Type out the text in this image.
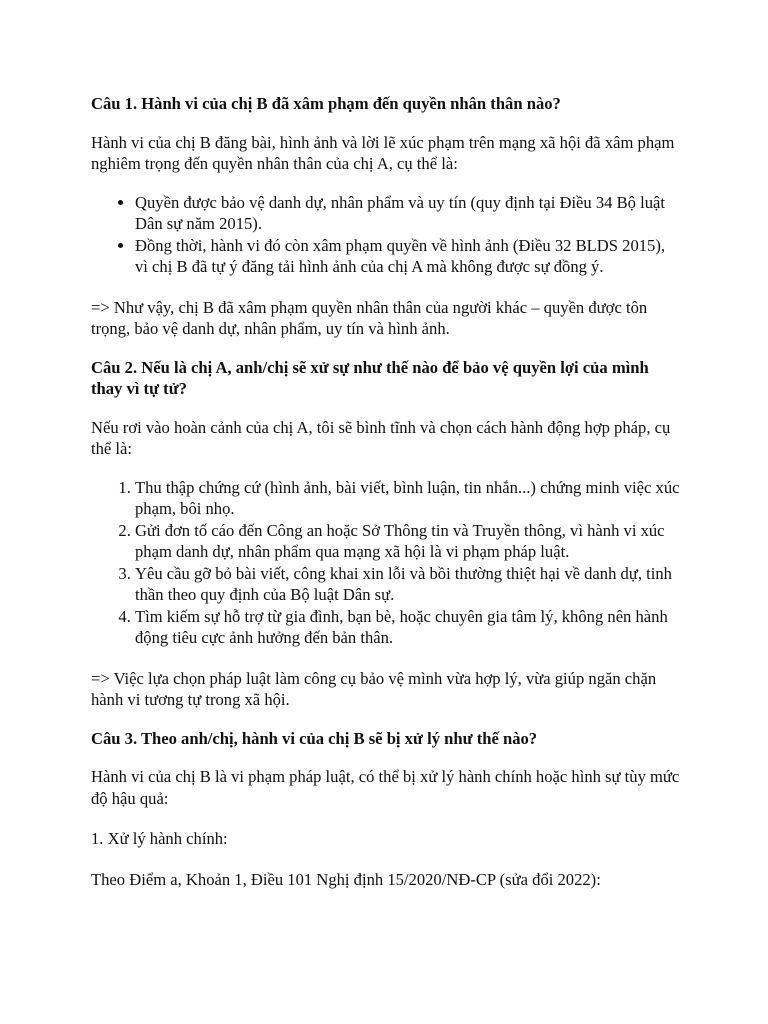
Câu 1. Hành vi của chị B đã xâm phạm đến quyền nhân thân nào?

Hành vi của chị B đăng bài, hình ảnh và lời lẽ xúc phạm trên mạng xã hội đã xâm phạm nghiêm trọng đến quyền nhân thân của chị A, cụ thể là:

• Quyền được bảo vệ danh dự, nhân phẩm và uy tín (quy định tại Điều 34 Bộ luật Dân sự năm 2015).
• Đồng thời, hành vi đó còn xâm phạm quyền về hình ảnh (Điều 32 BLDS 2015), vì chị B đã tự ý đăng tải hình ảnh của chị A mà không được sự đồng ý.

=> Như vậy, chị B đã xâm phạm quyền nhân thân của người khác – quyền được tôn trọng, bảo vệ danh dự, nhân phẩm, uy tín và hình ảnh.

Câu 2. Nếu là chị A, anh/chị sẽ xử sự như thế nào để bảo vệ quyền lợi của mình thay vì tự tử?

Nếu rơi vào hoàn cảnh của chị A, tôi sẽ bình tĩnh và chọn cách hành động hợp pháp, cụ thể là:

1. Thu thập chứng cứ (hình ảnh, bài viết, bình luận, tin nhắn...) chứng minh việc xúc phạm, bôi nhọ.
2. Gửi đơn tố cáo đến Công an hoặc Sở Thông tin và Truyền thông, vì hành vi xúc phạm danh dự, nhân phẩm qua mạng xã hội là vi phạm pháp luật.
3. Yêu cầu gỡ bỏ bài viết, công khai xin lỗi và bồi thường thiệt hại về danh dự, tinh thần theo quy định của Bộ luật Dân sự.
4. Tìm kiếm sự hỗ trợ từ gia đình, bạn bè, hoặc chuyên gia tâm lý, không nên hành động tiêu cực ảnh hưởng đến bản thân.

=> Việc lựa chọn pháp luật làm công cụ bảo vệ mình vừa hợp lý, vừa giúp ngăn chặn hành vi tương tự trong xã hội.

Câu 3. Theo anh/chị, hành vi của chị B sẽ bị xử lý như thế nào?

Hành vi của chị B là vi phạm pháp luật, có thể bị xử lý hành chính hoặc hình sự tùy mức độ hậu quả:

1. Xử lý hành chính:

Theo Điểm a, Khoản 1, Điều 101 Nghị định 15/2020/NĐ-CP (sửa đổi 2022):
